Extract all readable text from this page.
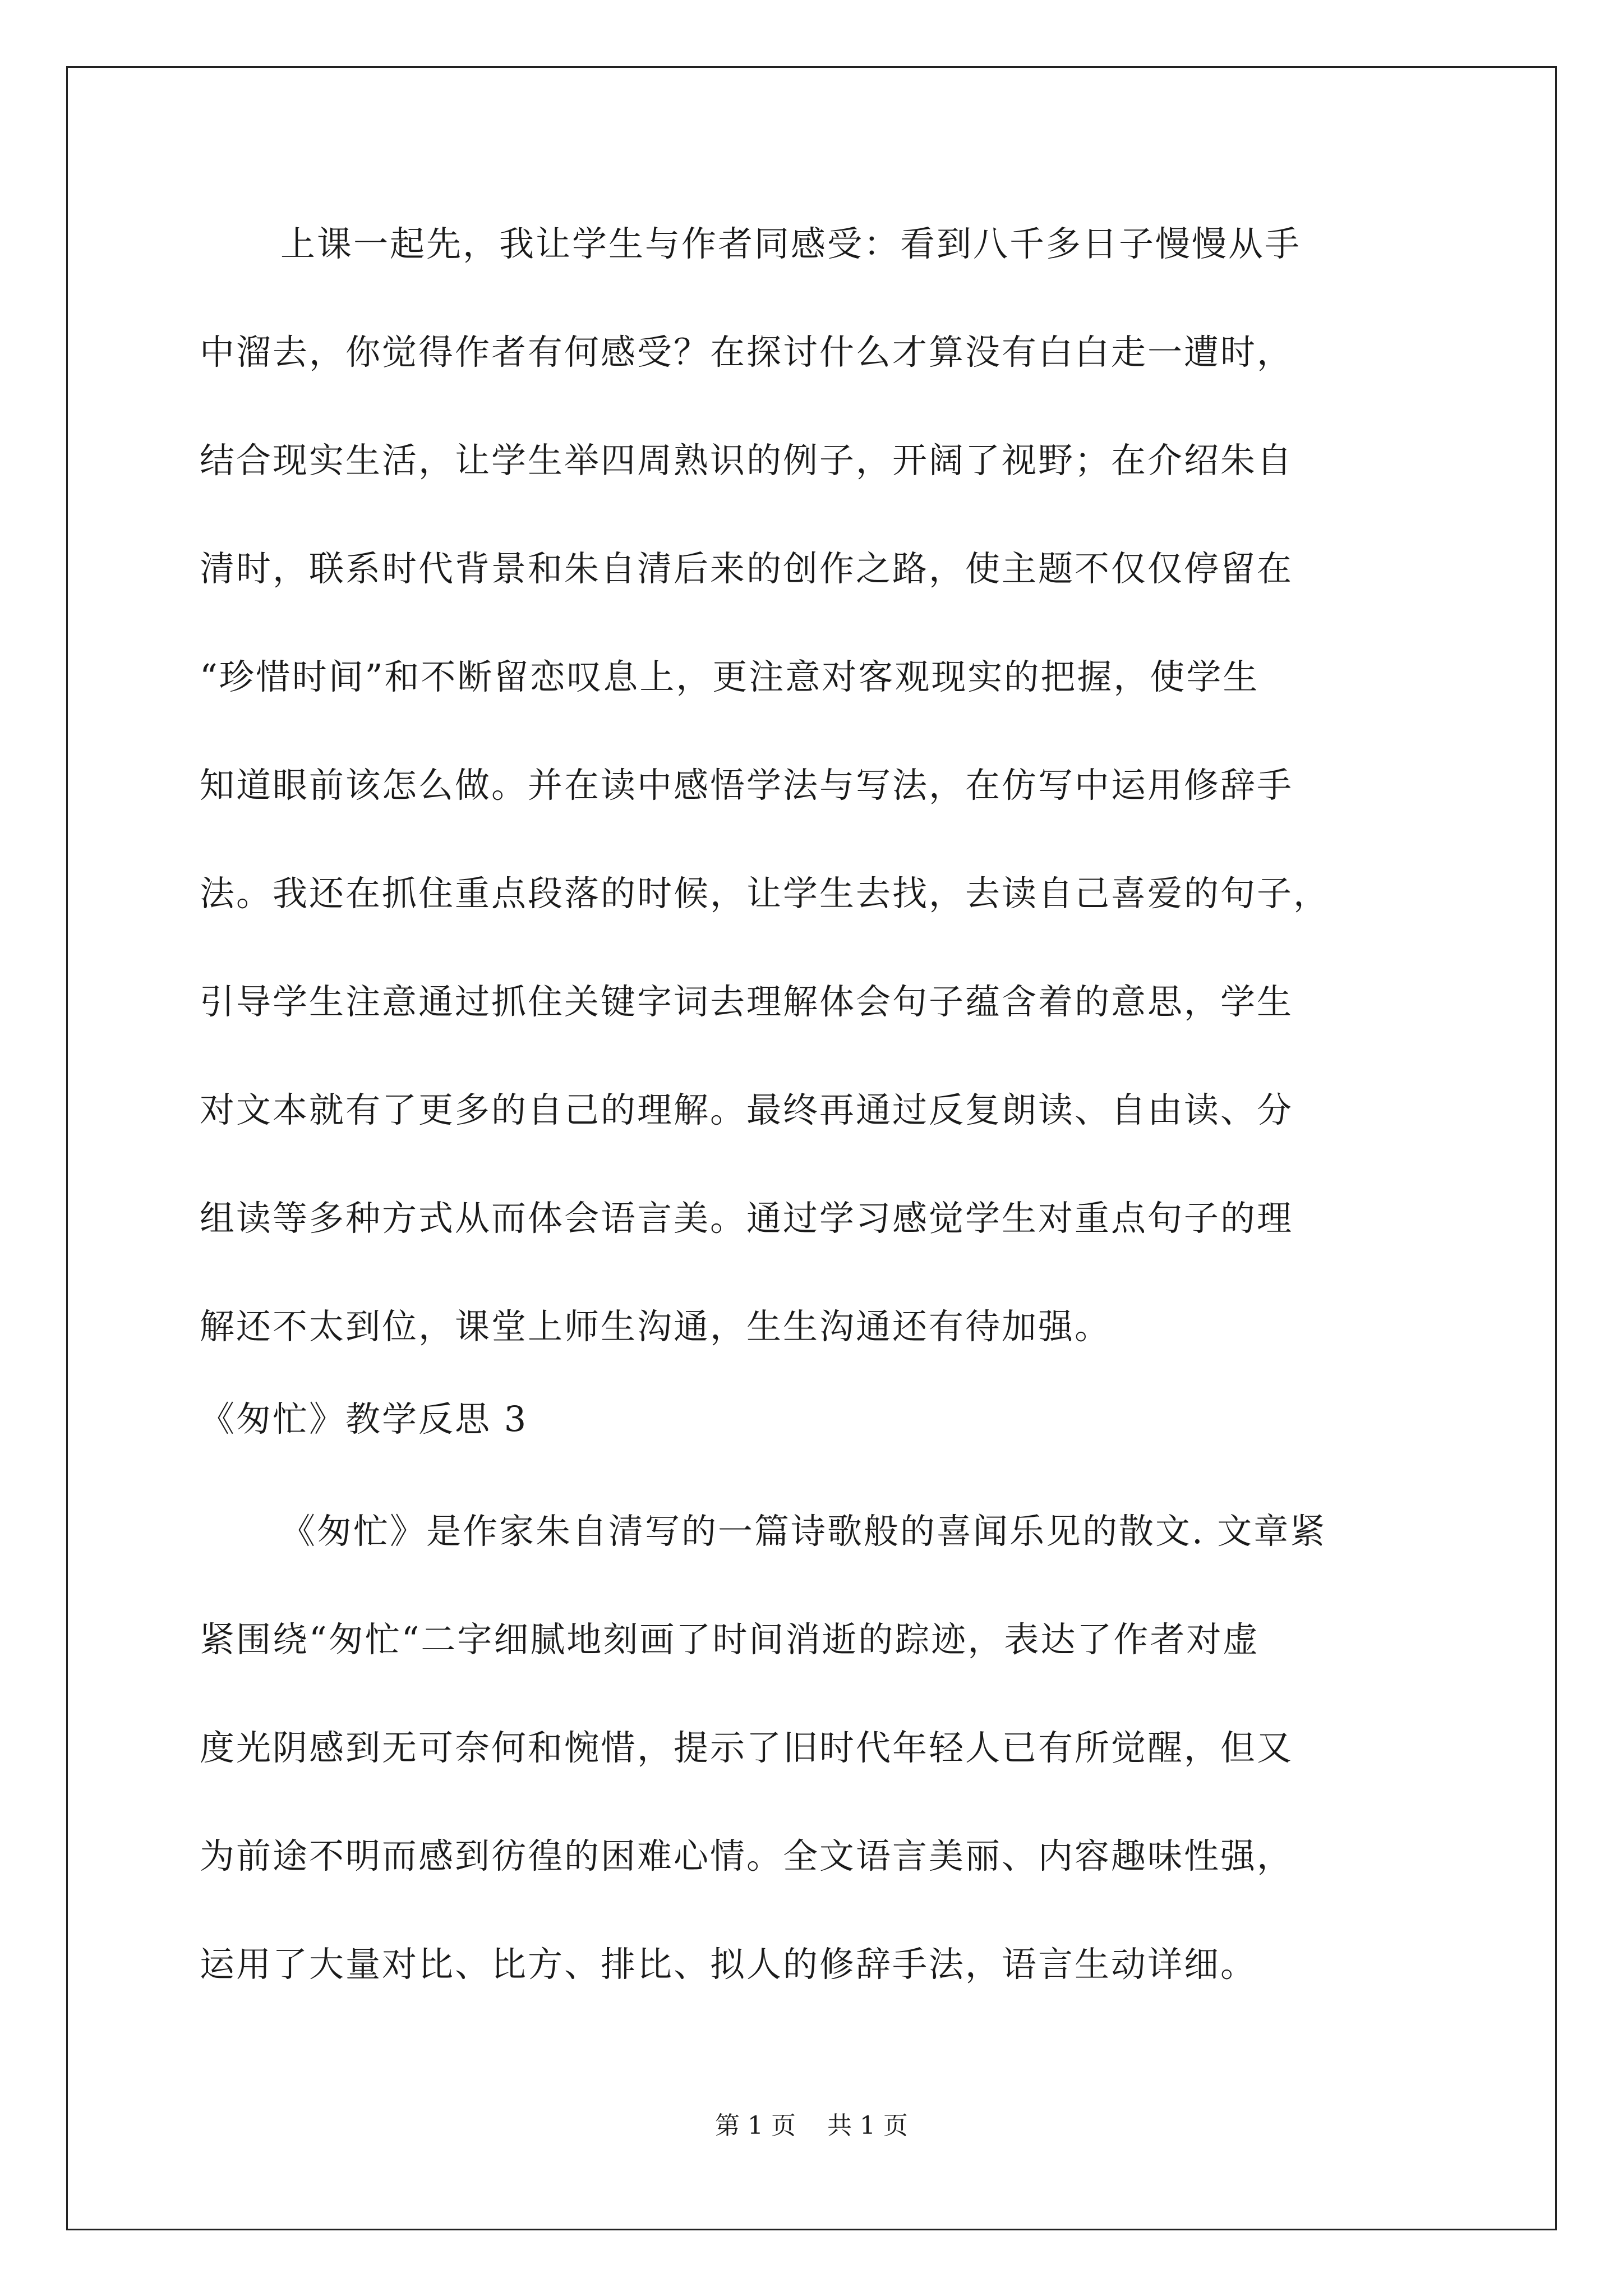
上课一起先，我让学生与作者同感受：看到八千多日子慢慢从手
中溜去，你觉得作者有何感受？在探讨什么才算没有白白走一遭时，
结合现实生活，让学生举四周熟识的例子，开阔了视野；在介绍朱自
清时，联系时代背景和朱自清后来的创作之路，使主题不仅仅停留在
“珍惜时间”和不断留恋叹息上，更注意对客观现实的把握，使学生
知道眼前该怎么做。并在读中感悟学法与写法，在仿写中运用修辞手
法。我还在抓住重点段落的时候，让学生去找，去读自己喜爱的句子，
引导学生注意通过抓住关键字词去理解体会句子蕴含着的意思，学生
对文本就有了更多的自己的理解。最终再通过反复朗读、自由读、分
组读等多种方式从而体会语言美。通过学习感觉学生对重点句子的理
解还不太到位，课堂上师生沟通，生生沟通还有待加强。
《匆忙》教学反思 3
《匆忙》是作家朱自清写的一篇诗歌般的喜闻乐见的散文. 文章紧
紧围绕“匆忙“二字细腻地刻画了时间消逝的踪迹，表达了作者对虚
度光阴感到无可奈何和惋惜，提示了旧时代年轻人已有所觉醒，但又
为前途不明而感到彷徨的困难心情。全文语言美丽、内容趣味性强，
运用了大量对比、比方、排比、拟人的修辞手法，语言生动详细。
第 1 页    共 1 页
